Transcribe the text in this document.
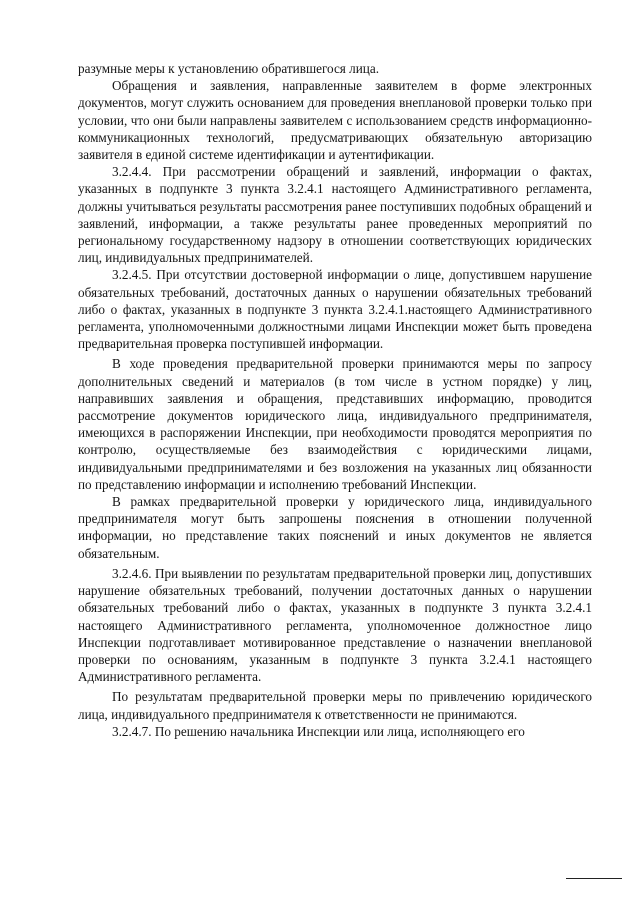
разумные меры к установлению обратившегося лица.

Обращения и заявления, направленные заявителем в форме электронных документов, могут служить основанием для проведения внеплановой проверки только при условии, что они были направлены заявителем с использованием средств информационно-коммуникационных технологий, предусматривающих обязательную авторизацию заявителя в единой системе идентификации и аутентификации.

3.2.4.4. При рассмотрении обращений и заявлений, информации о фактах, указанных в подпункте 3 пункта 3.2.4.1 настоящего Административного регламента, должны учитываться результаты рассмотрения ранее поступивших подобных обращений и заявлений, информации, а также результаты ранее проведенных мероприятий по региональному государственному надзору в отношении соответствующих юридических лиц, индивидуальных предпринимателей.

3.2.4.5. При отсутствии достоверной информации о лице, допустившем нарушение обязательных требований, достаточных данных о нарушении обязательных требований либо о фактах, указанных в подпункте 3 пункта 3.2.4.1.настоящего Административного регламента, уполномоченными должностными лицами Инспекции может быть проведена предварительная проверка поступившей информации.

В ходе проведения предварительной проверки принимаются меры по запросу дополнительных сведений и материалов (в том числе в устном порядке) у лиц, направивших заявления и обращения, представивших информацию, проводится рассмотрение документов юридического лица, индивидуального предпринимателя, имеющихся в распоряжении Инспекции, при необходимости проводятся мероприятия по контролю, осуществляемые без взаимодействия с юридическими лицами, индивидуальными предпринимателями и без возложения на указанных лиц обязанности по представлению информации и исполнению требований Инспекции.

В рамках предварительной проверки у юридического лица, индивидуального предпринимателя могут быть запрошены пояснения в отношении полученной информации, но представление таких пояснений и иных документов не является обязательным.

3.2.4.6. При выявлении по результатам предварительной проверки лиц, допустивших нарушение обязательных требований, получении достаточных данных о нарушении обязательных требований либо о фактах, указанных в подпункте 3 пункта 3.2.4.1 настоящего Административного регламента, уполномоченное должностное лицо Инспекции подготавливает мотивированное представление о назначении внеплановой проверки по основаниям, указанным в подпункте 3 пункта 3.2.4.1 настоящего Административного регламента.

По результатам предварительной проверки меры по привлечению юридического лица, индивидуального предпринимателя к ответственности не принимаются.

3.2.4.7. По решению начальника Инспекции или лица, исполняющего его
